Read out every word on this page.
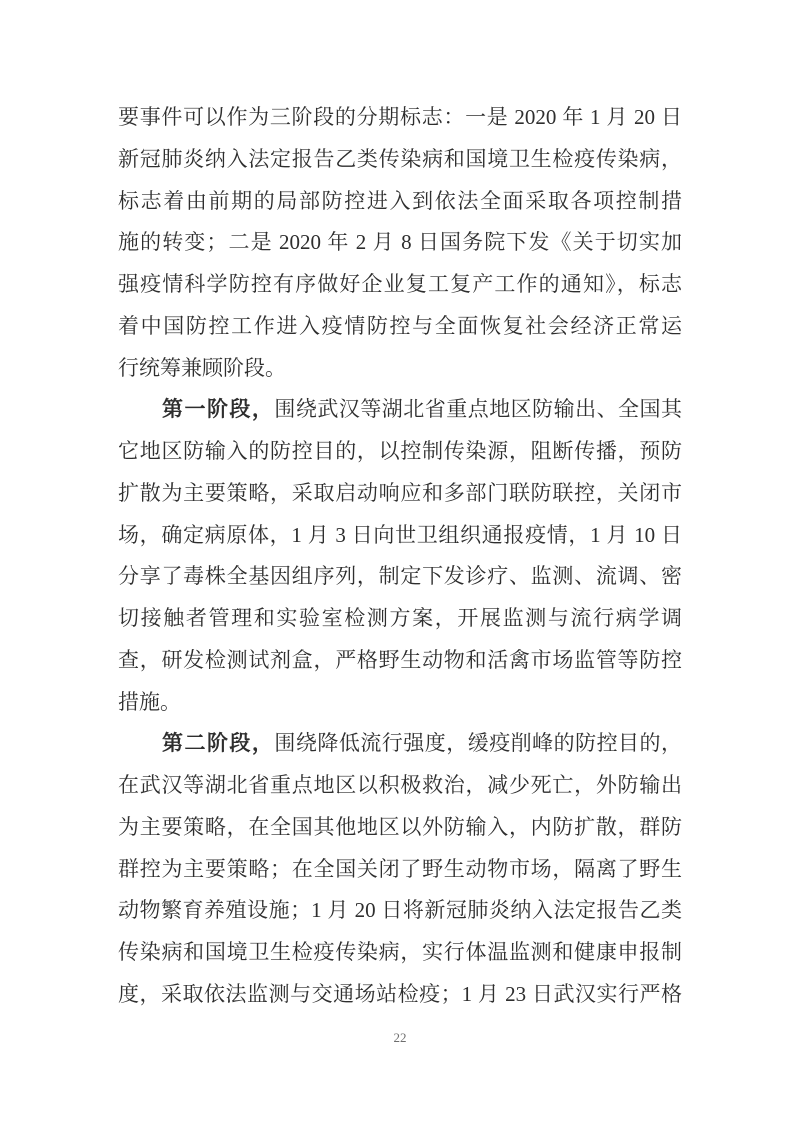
要事件可以作为三阶段的分期标志：一是 2020 年 1 月 20 日
新冠肺炎纳入法定报告乙类传染病和国境卫生检疫传染病，
标志着由前期的局部防控进入到依法全面采取各项控制措
施的转变；二是 2020 年 2 月 8 日国务院下发《关于切实加
强疫情科学防控有序做好企业复工复产工作的通知》，标志
着中国防控工作进入疫情防控与全面恢复社会经济正常运
行统筹兼顾阶段。
第一阶段，围绕武汉等湖北省重点地区防输出、全国其
它地区防输入的防控目的，以控制传染源，阻断传播，预防
扩散为主要策略，采取启动响应和多部门联防联控，关闭市
场，确定病原体，1 月 3 日向世卫组织通报疫情，1 月 10 日
分享了毒株全基因组序列，制定下发诊疗、监测、流调、密
切接触者管理和实验室检测方案，开展监测与流行病学调
查，研发检测试剂盒，严格野生动物和活禽市场监管等防控
措施。
第二阶段，围绕降低流行强度，缓疫削峰的防控目的，
在武汉等湖北省重点地区以积极救治，减少死亡，外防输出
为主要策略，在全国其他地区以外防输入，内防扩散，群防
群控为主要策略；在全国关闭了野生动物市场，隔离了野生
动物繁育养殖设施；1 月 20 日将新冠肺炎纳入法定报告乙类
传染病和国境卫生检疫传染病，实行体温监测和健康申报制
度，采取依法监测与交通场站检疫；1 月 23 日武汉实行严格
22
